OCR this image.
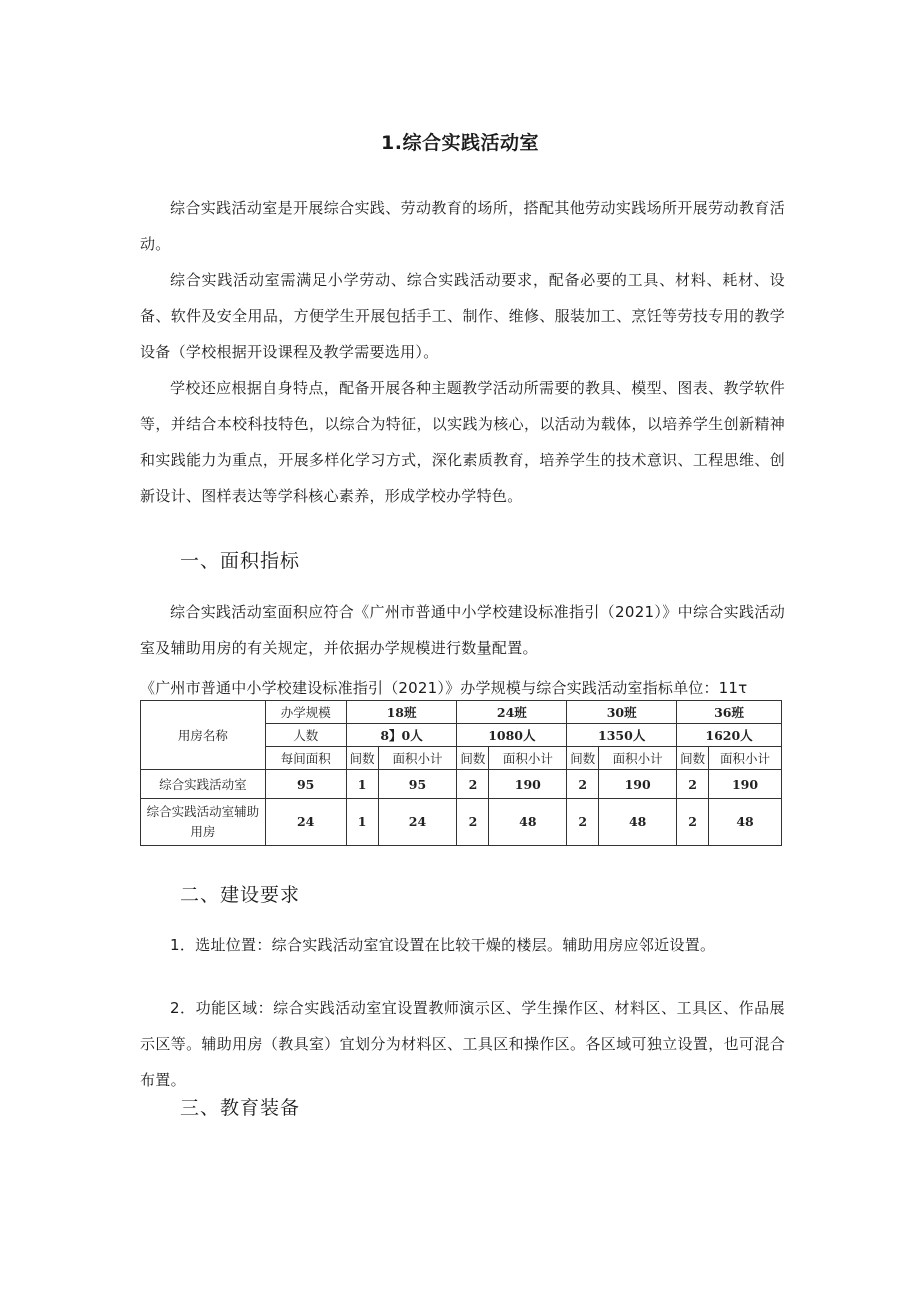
1.综合实践活动室

综合实践活动室是开展综合实践、劳动教育的场所，搭配其他劳动实践场所开展劳动教育活动。

综合实践活动室需满足小学劳动、综合实践活动要求，配备必要的工具、材料、耗材、设备、软件及安全用品，方便学生开展包括手工、制作、维修、服装加工、烹饪等劳技专用的教学设备（学校根据开设课程及教学需要选用）。

学校还应根据自身特点，配备开展各种主题教学活动所需要的教具、模型、图表、教学软件等，并结合本校科技特色，以综合为特征，以实践为核心，以活动为载体，以培养学生创新精神和实践能力为重点，开展多样化学习方式，深化素质教育，培养学生的技术意识、工程思维、创新设计、图样表达等学科核心素养，形成学校办学特色。

一、面积指标

综合实践活动室面积应符合《广州市普通中小学校建设标准指引（2021）》中综合实践活动室及辅助用房的有关规定，并依据办学规模进行数量配置。

《广州市普通中小学校建设标准指引（2021）》办学规模与综合实践活动室指标单位：11τ
用房名称	办学规模	18班		24班		30班		36班	
	人数	8】0人		1080人		1350人		1620人	
	每间面积	间数	面积小计	间数	面积小计	间数	面积小计	间数	面积小计
综合实践活动室	95	1	95	2	190	2	190	2	190
综合实践活动室辅助用房	24	1	24	2	48	2	48	2	48
二、建设要求

1．选址位置：综合实践活动室宜设置在比较干燥的楼层。辅助用房应邻近设置。

2．功能区域：综合实践活动室宜设置教师演示区、学生操作区、材料区、工具区、作品展示区等。辅助用房（教具室）宜划分为材料区、工具区和操作区。各区域可独立设置，也可混合布置。

三、教育装备
